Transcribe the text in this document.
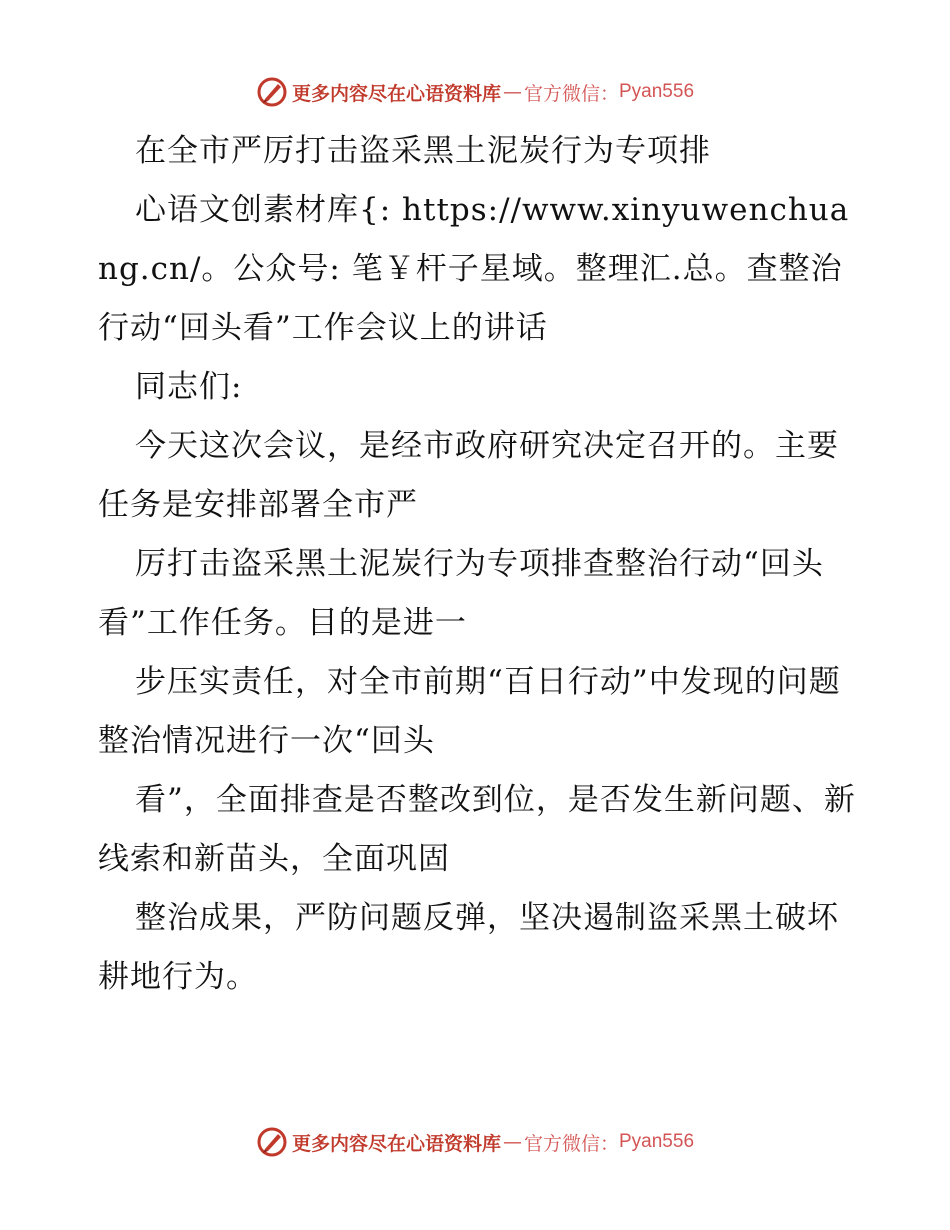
更多内容尽在心语资料库 — 官方微信： Pyan556

在全市严厉打击盗采黑土泥炭行为专项排

心语文创素材库{: https://www.xinyuwenchuang.cn/。公众号: 笔￥杆子星域。整理汇.总。查整治行动“回头看”工作会议上的讲话

同志们:

今天这次会议，是经市政府研究决定召开的。主要任务是安排部署全市严

厉打击盗采黑土泥炭行为专项排查整治行动“回头看”工作任务。目的是进一

步压实责任，对全市前期“百日行动”中发现的问题整治情况进行一次“回头

看”，全面排查是否整改到位，是否发生新问题、新线索和新苗头，全面巩固

整治成果，严防问题反弹，坚决遏制盗采黑土破坏耕地行为。

更多内容尽在心语资料库 — 官方微信： Pyan556
